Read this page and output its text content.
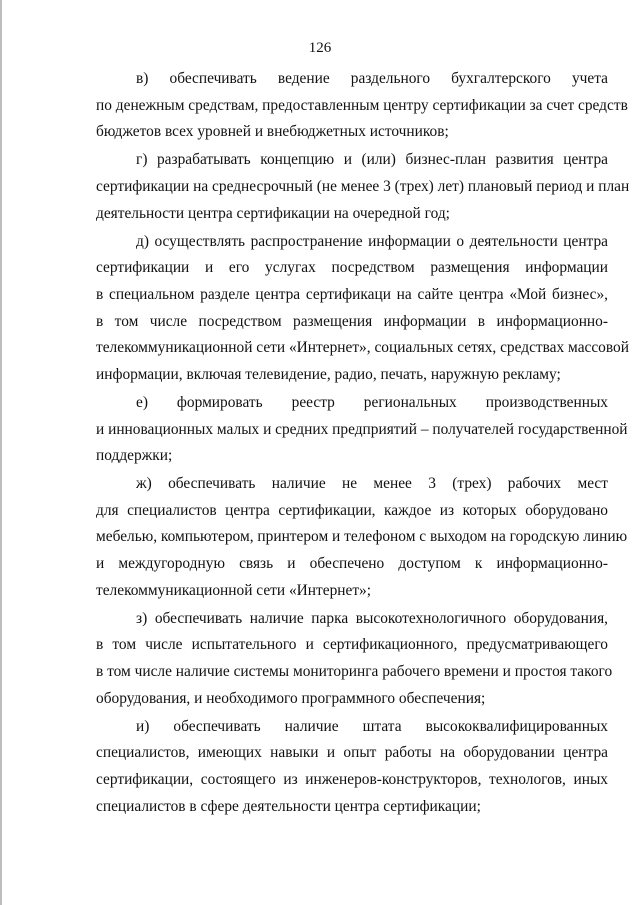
126
в) обеспечивать ведение раздельного бухгалтерского учета
по денежным средствам, предоставленным центру сертификации за счет средств
бюджетов всех уровней и внебюджетных источников;
г) разрабатывать концепцию и (или) бизнес-план развития центра
сертификации на среднесрочный (не менее 3 (трех) лет) плановый период и план
деятельности центра сертификации на очередной год;
д) осуществлять распространение информации о деятельности центра
сертификации и его услугах посредством размещения информации
в специальном разделе центра сертификаци на сайте центра «Мой бизнес»,
в том числе посредством размещения информации в информационно-
телекоммуникационной сети «Интернет», социальных сетях, средствах массовой
информации, включая телевидение, радио, печать, наружную рекламу;
е) формировать реестр региональных производственных
и инновационных малых и средних предприятий – получателей государственной
поддержки;
ж) обеспечивать наличие не менее 3 (трех) рабочих мест
для специалистов центра сертификации, каждое из которых оборудовано
мебелью, компьютером, принтером и телефоном с выходом на городскую линию
и междугородную связь и обеспечено доступом к информационно-
телекоммуникационной сети «Интернет»;
з) обеспечивать наличие парка высокотехнологичного оборудования,
в том числе испытательного и сертификационного, предусматривающего
в том числе наличие системы мониторинга рабочего времени и простоя такого
оборудования, и необходимого программного обеспечения;
и) обеспечивать наличие штата высококвалифицированных
специалистов, имеющих навыки и опыт работы на оборудовании центра
сертификации, состоящего из инженеров-конструкторов, технологов, иных
специалистов в сфере деятельности центра сертификации;
